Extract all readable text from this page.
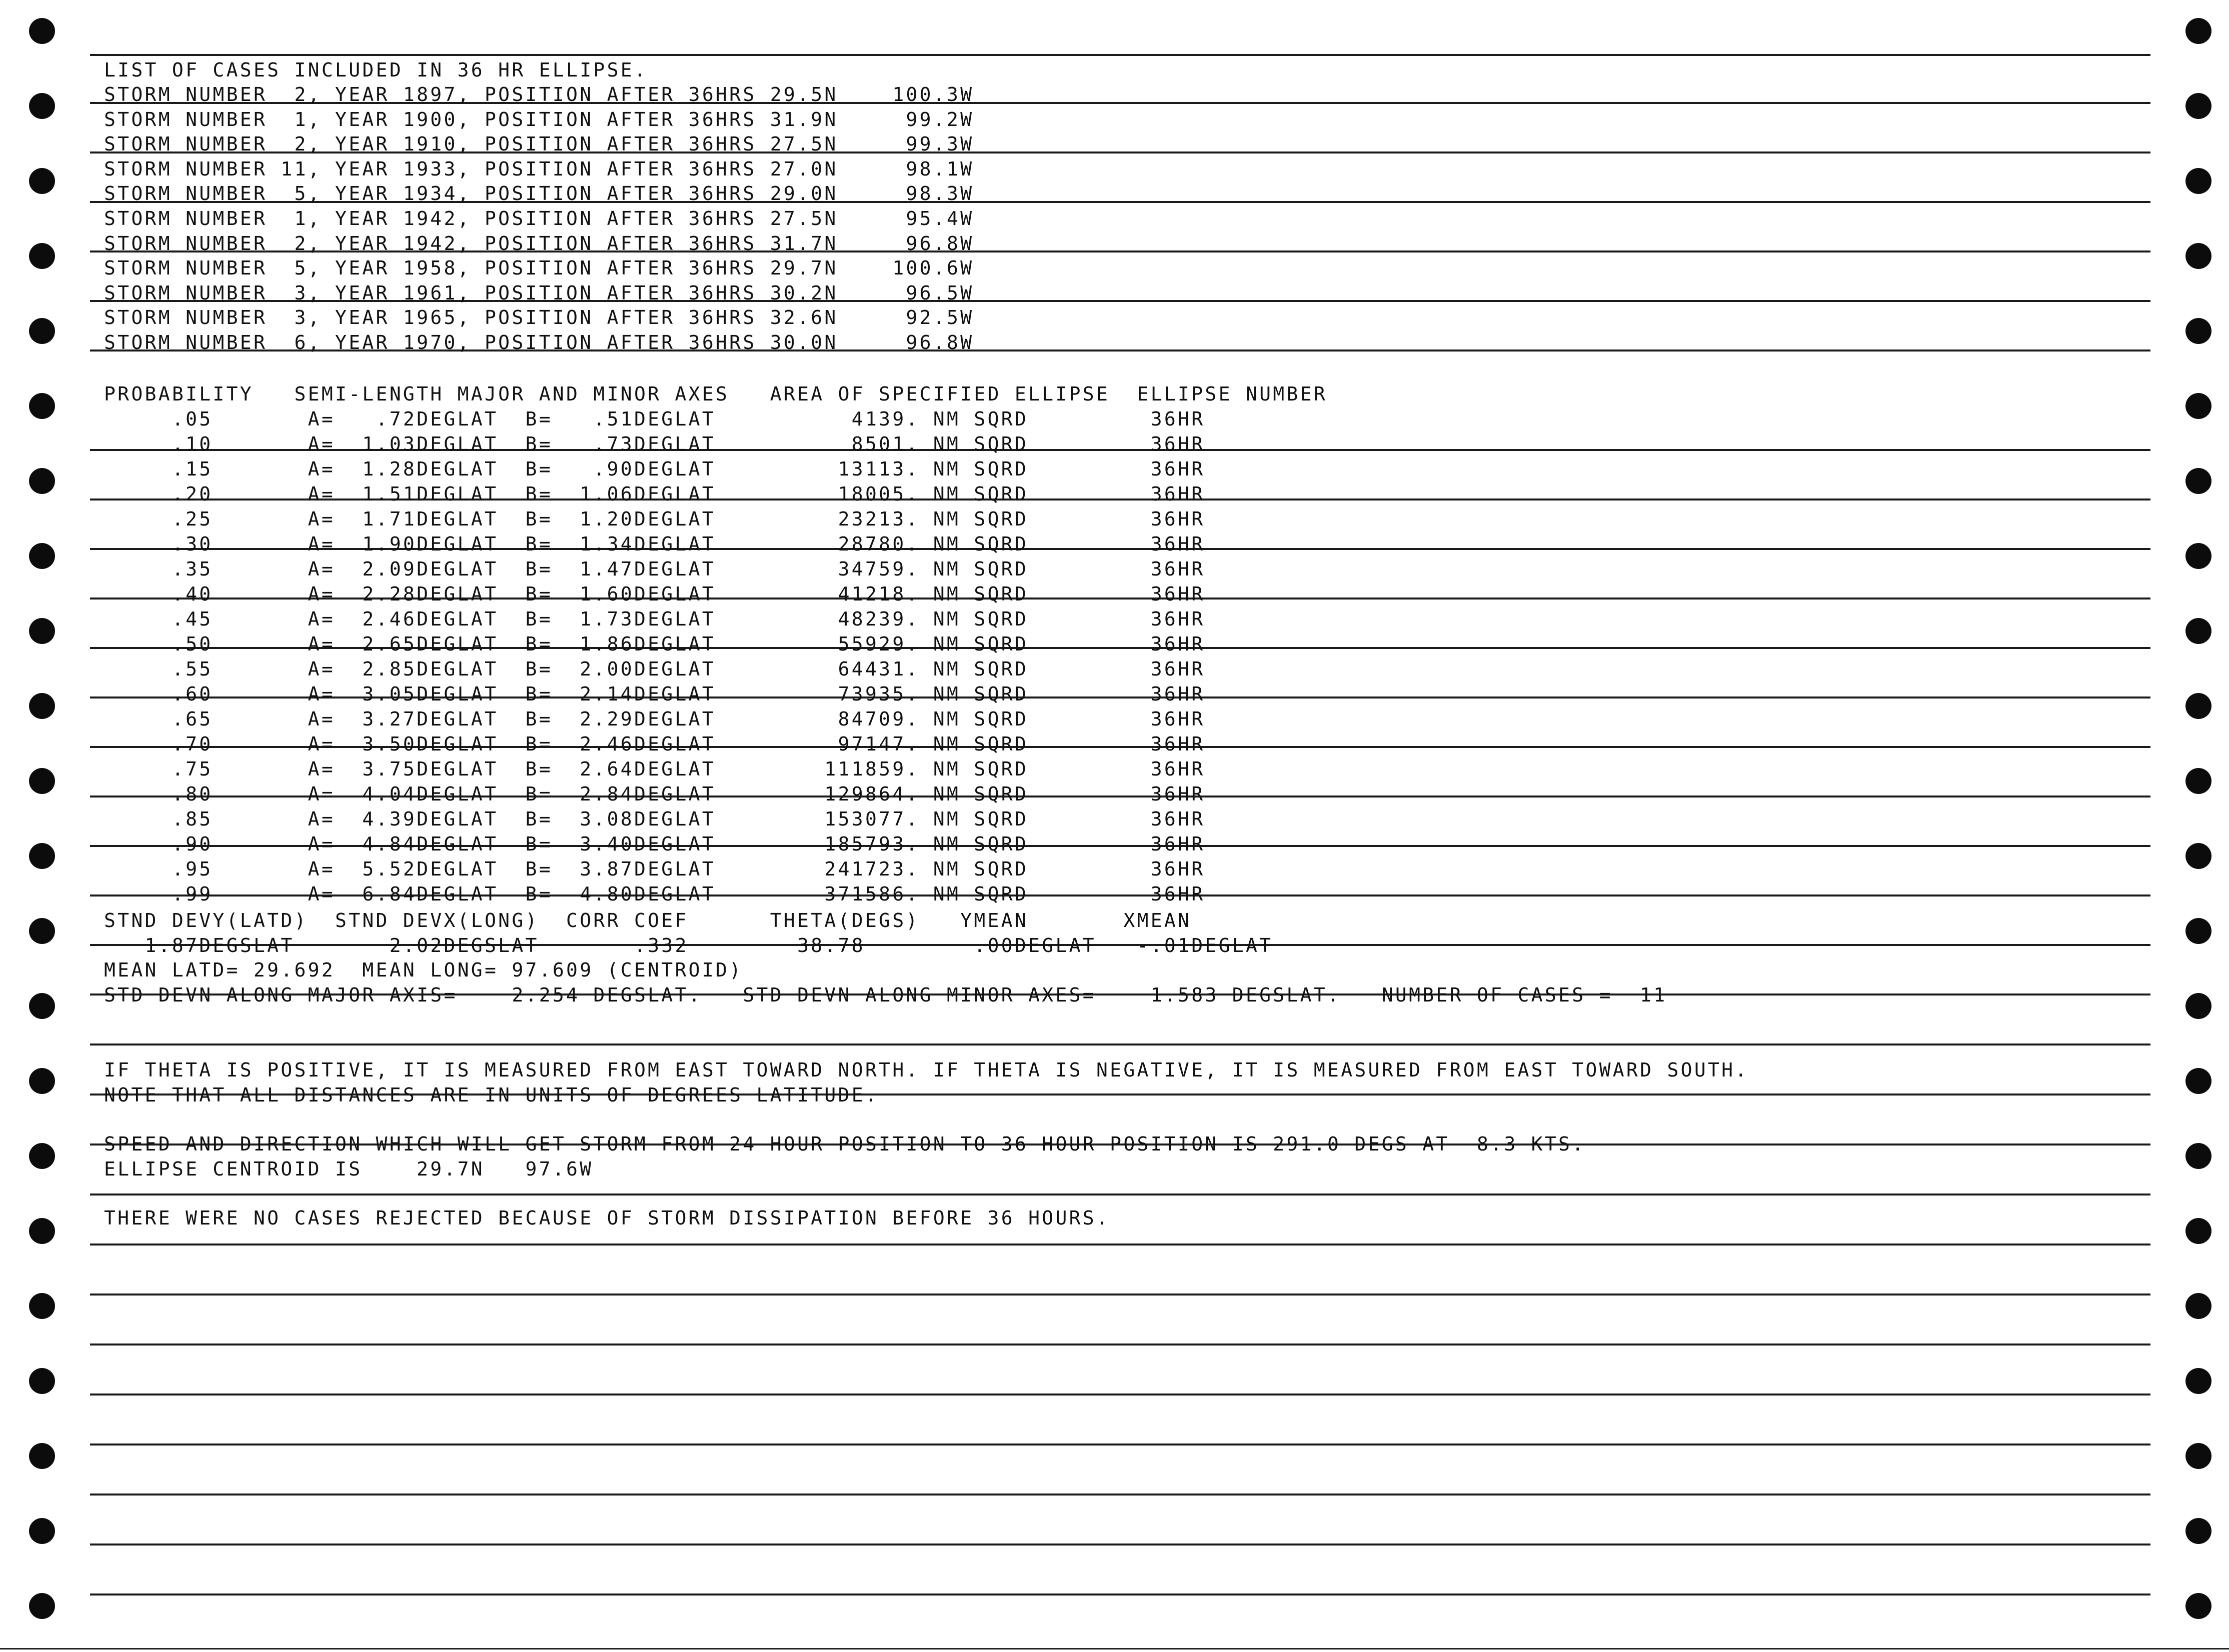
LIST OF CASES INCLUDED IN 36 HR ELLIPSE.
STORM NUMBER  2, YEAR 1897, POSITION AFTER 36HRS 29.5N    100.3W
STORM NUMBER  1, YEAR 1900, POSITION AFTER 36HRS 31.9N     99.2W
STORM NUMBER  2, YEAR 1910, POSITION AFTER 36HRS 27.5N     99.3W
STORM NUMBER 11, YEAR 1933, POSITION AFTER 36HRS 27.0N     98.1W
STORM NUMBER  5, YEAR 1934, POSITION AFTER 36HRS 29.0N     98.3W
STORM NUMBER  1, YEAR 1942, POSITION AFTER 36HRS 27.5N     95.4W
STORM NUMBER  2, YEAR 1942, POSITION AFTER 36HRS 31.7N     96.8W
STORM NUMBER  5, YEAR 1958, POSITION AFTER 36HRS 29.7N    100.6W
STORM NUMBER  3, YEAR 1961, POSITION AFTER 36HRS 30.2N     96.5W
STORM NUMBER  3, YEAR 1965, POSITION AFTER 36HRS 32.6N     92.5W
STORM NUMBER  6, YEAR 1970, POSITION AFTER 36HRS 30.0N     96.8W
PROBABILITY   SEMI-LENGTH MAJOR AND MINOR AXES   AREA OF SPECIFIED ELLIPSE  ELLIPSE NUMBER
.05       A=   .72DEGLAT  B=   .51DEGLAT          4139. NM SQRD         36HR
.10       A=  1.03DEGLAT  B=   .73DEGLAT          8501. NM SQRD         36HR
.15       A=  1.28DEGLAT  B=   .90DEGLAT         13113. NM SQRD         36HR
.20       A=  1.51DEGLAT  B=  1.06DEGLAT         18005. NM SQRD         36HR
.25       A=  1.71DEGLAT  B=  1.20DEGLAT         23213. NM SQRD         36HR
.30       A=  1.90DEGLAT  B=  1.34DEGLAT         28780. NM SQRD         36HR
.35       A=  2.09DEGLAT  B=  1.47DEGLAT         34759. NM SQRD         36HR
.40       A=  2.28DEGLAT  B=  1.60DEGLAT         41218. NM SQRD         36HR
.45       A=  2.46DEGLAT  B=  1.73DEGLAT         48239. NM SQRD         36HR
.50       A=  2.65DEGLAT  B=  1.86DEGLAT         55929. NM SQRD         36HR
.55       A=  2.85DEGLAT  B=  2.00DEGLAT         64431. NM SQRD         36HR
.60       A=  3.05DEGLAT  B=  2.14DEGLAT         73935. NM SQRD         36HR
.65       A=  3.27DEGLAT  B=  2.29DEGLAT         84709. NM SQRD         36HR
.70       A=  3.50DEGLAT  B=  2.46DEGLAT         97147. NM SQRD         36HR
.75       A=  3.75DEGLAT  B=  2.64DEGLAT        111859. NM SQRD         36HR
.80       A=  4.04DEGLAT  B=  2.84DEGLAT        129864. NM SQRD         36HR
.85       A=  4.39DEGLAT  B=  3.08DEGLAT        153077. NM SQRD         36HR
.90       A=  4.84DEGLAT  B=  3.40DEGLAT        185793. NM SQRD         36HR
.95       A=  5.52DEGLAT  B=  3.87DEGLAT        241723. NM SQRD         36HR
.99       A=  6.84DEGLAT  B=  4.80DEGLAT        371586. NM SQRD         36HR
STND DEVY(LATD)  STND DEVX(LONG)  CORR COEF      THETA(DEGS)   YMEAN       XMEAN
1.87DEGSLAT       2.02DEGSLAT       .332        38.78        .00DEGLAT   -.01DEGLAT
MEAN LATD= 29.692  MEAN LONG= 97.609 (CENTROID)
STD DEVN ALONG MAJOR AXIS=    2.254 DEGSLAT.   STD DEVN ALONG MINOR AXES=    1.583 DEGSLAT.   NUMBER OF CASES =  11
IF THETA IS POSITIVE, IT IS MEASURED FROM EAST TOWARD NORTH. IF THETA IS NEGATIVE, IT IS MEASURED FROM EAST TOWARD SOUTH.
NOTE THAT ALL DISTANCES ARE IN UNITS OF DEGREES LATITUDE.
SPEED AND DIRECTION WHICH WILL GET STORM FROM 24 HOUR POSITION TO 36 HOUR POSITION IS 291.0 DEGS AT  8.3 KTS.
ELLIPSE CENTROID IS    29.7N   97.6W
THERE WERE NO CASES REJECTED BECAUSE OF STORM DISSIPATION BEFORE 36 HOURS.
